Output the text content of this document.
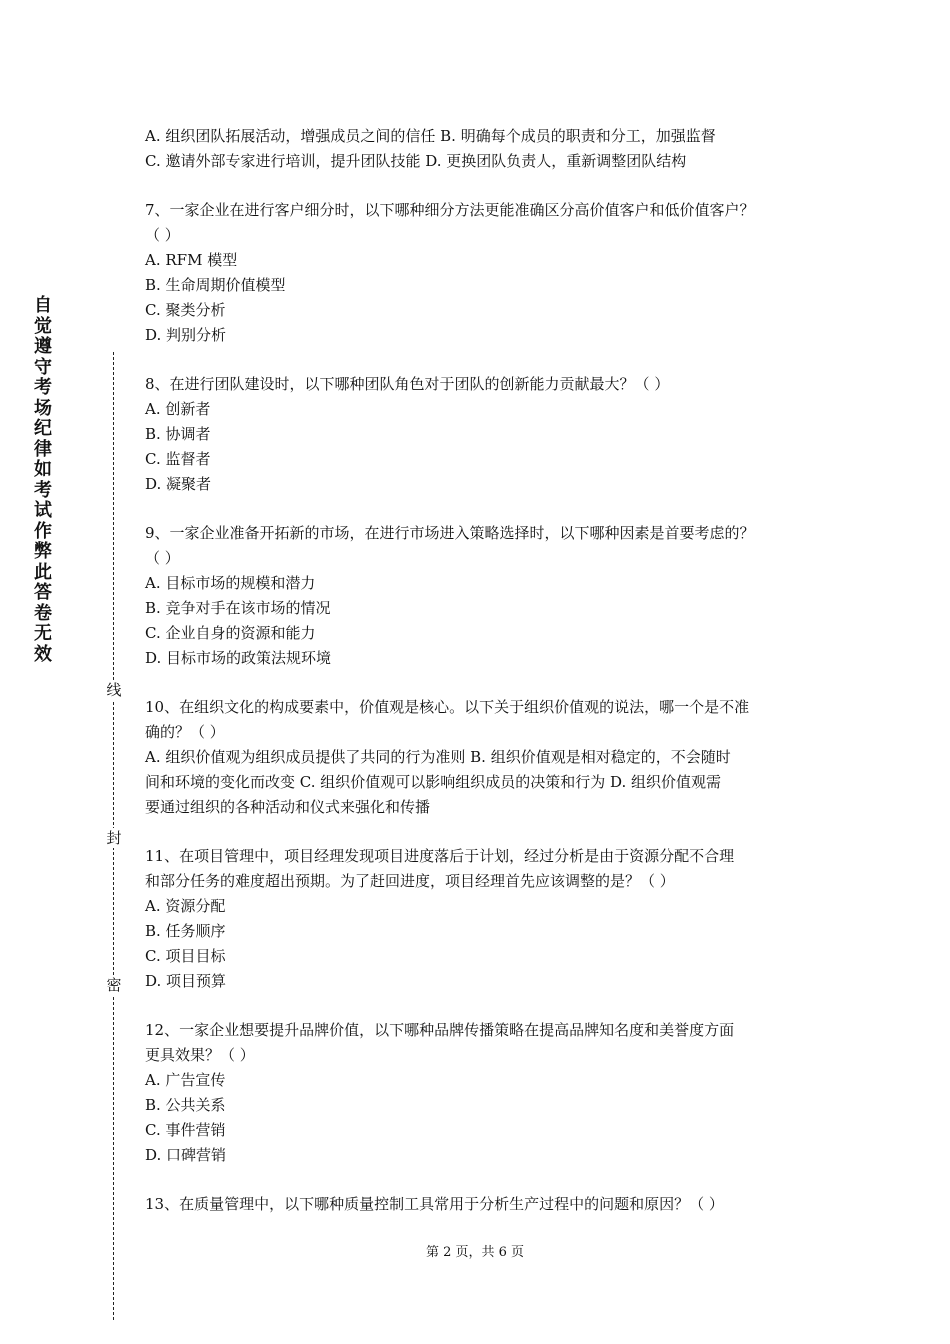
自觉遵守考场纪律如考试作弊此答卷无效
线
封
密
A. 组织团队拓展活动，增强成员之间的信任 B. 明确每个成员的职责和分工，加强监督
C. 邀请外部专家进行培训，提升团队技能 D. 更换团队负责人，重新调整团队结构
7、一家企业在进行客户细分时，以下哪种细分方法更能准确区分高价值客户和低价值客户？
（ ）
A. RFM 模型
B. 生命周期价值模型
C. 聚类分析
D. 判别分析
8、在进行团队建设时，以下哪种团队角色对于团队的创新能力贡献最大？（ ）
A. 创新者
B. 协调者
C. 监督者
D. 凝聚者
9、一家企业准备开拓新的市场，在进行市场进入策略选择时，以下哪种因素是首要考虑的？
（ ）
A. 目标市场的规模和潜力
B. 竞争对手在该市场的情况
C. 企业自身的资源和能力
D. 目标市场的政策法规环境
10、在组织文化的构成要素中，价值观是核心。以下关于组织价值观的说法，哪一个是不准
确的？（ ）
A. 组织价值观为组织成员提供了共同的行为准则 B. 组织价值观是相对稳定的，不会随时
间和环境的变化而改变 C. 组织价值观可以影响组织成员的决策和行为 D. 组织价值观需
要通过组织的各种活动和仪式来强化和传播
11、在项目管理中，项目经理发现项目进度落后于计划，经过分析是由于资源分配不合理
和部分任务的难度超出预期。为了赶回进度，项目经理首先应该调整的是？（ ）
A. 资源分配
B. 任务顺序
C. 项目目标
D. 项目预算
12、一家企业想要提升品牌价值，以下哪种品牌传播策略在提高品牌知名度和美誉度方面
更具效果？（ ）
A. 广告宣传
B. 公共关系
C. 事件营销
D. 口碑营销
13、在质量管理中，以下哪种质量控制工具常用于分析生产过程中的问题和原因？（ ）
第 2 页，共 6 页
